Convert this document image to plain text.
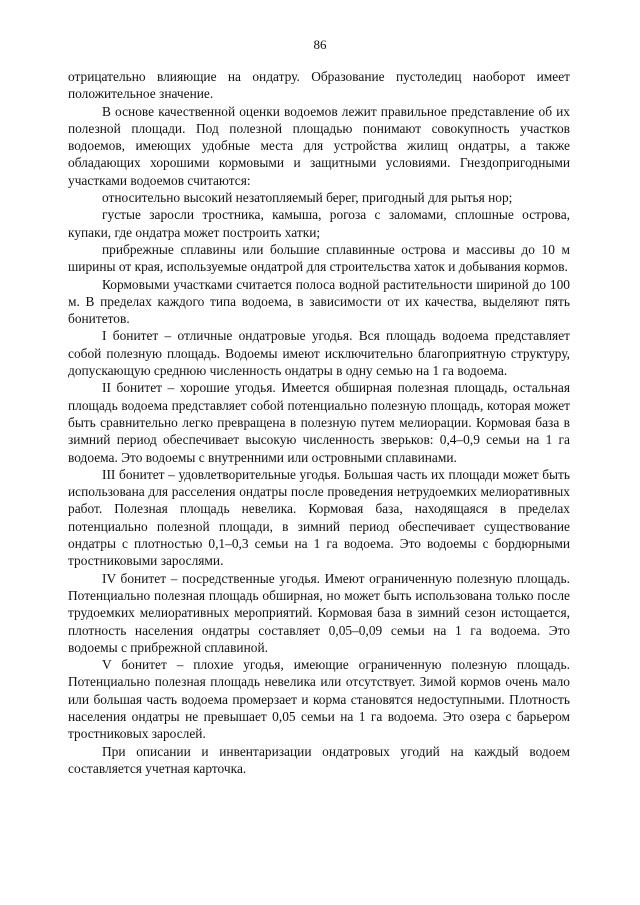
86

отрицательно влияющие на ондатру. Образование пустоледиц наоборот имеет положительное значение.

В основе качественной оценки водоемов лежит правильное представление об их полезной площади. Под полезной площадью понимают совокупность участков водоемов, имеющих удобные места для устройства жилищ ондатры, а также обладающих хорошими кормовыми и защитными условиями. Гнездопригодными участками водоемов считаются:

относительно высокий незатопляемый берег, пригодный для рытья нор;

густые заросли тростника, камыша, рогоза с заломами, сплошные острова, купаки, где ондатра может построить хатки;

прибрежные сплавины или большие сплавинные острова и массивы до 10 м ширины от края, используемые ондатрой для строительства хаток и добывания кормов.

Кормовыми участками считается полоса водной растительности шириной до 100 м. В пределах каждого типа водоема, в зависимости от их качества, выделяют пять бонитетов.

I бонитет – отличные ондатровые угодья. Вся площадь водоема представляет собой полезную площадь. Водоемы имеют исключительно благоприятную структуру, допускающую среднюю численность ондатры в одну семью на 1 га водоема.

II бонитет – хорошие угодья. Имеется обширная полезная площадь, остальная площадь водоема представляет собой потенциально полезную площадь, которая может быть сравнительно легко превращена в полезную путем мелиорации. Кормовая база в зимний период обеспечивает высокую численность зверьков: 0,4–0,9 семьи на 1 га водоема. Это водоемы с внутренними или островными сплавинами.

III бонитет – удовлетворительные угодья. Большая часть их площади может быть использована для расселения ондатры после проведения нетрудоемких мелиоративных работ. Полезная площадь невелика. Кормовая база, находящаяся в пределах потенциально полезной площади, в зимний период обеспечивает существование ондатры с плотностью 0,1–0,3 семьи на 1 га водоема. Это водоемы с бордюрными тростниковыми зарослями.

IV бонитет – посредственные угодья. Имеют ограниченную полезную площадь. Потенциально полезная площадь обширная, но может быть использована только после трудоемких мелиоративных мероприятий. Кормовая база в зимний сезон истощается, плотность населения ондатры составляет 0,05–0,09 семьи на 1 га водоема. Это водоемы с прибрежной сплавиной.

V бонитет – плохие угодья, имеющие ограниченную полезную площадь. Потенциально полезная площадь невелика или отсутствует. Зимой кормов очень мало или большая часть водоема промерзает и корма становятся недоступными. Плотность населения ондатры не превышает 0,05 семьи на 1 га водоема. Это озера с барьером тростниковых зарослей.

При описании и инвентаризации ондатровых угодий на каждый водоем составляется учетная карточка.
